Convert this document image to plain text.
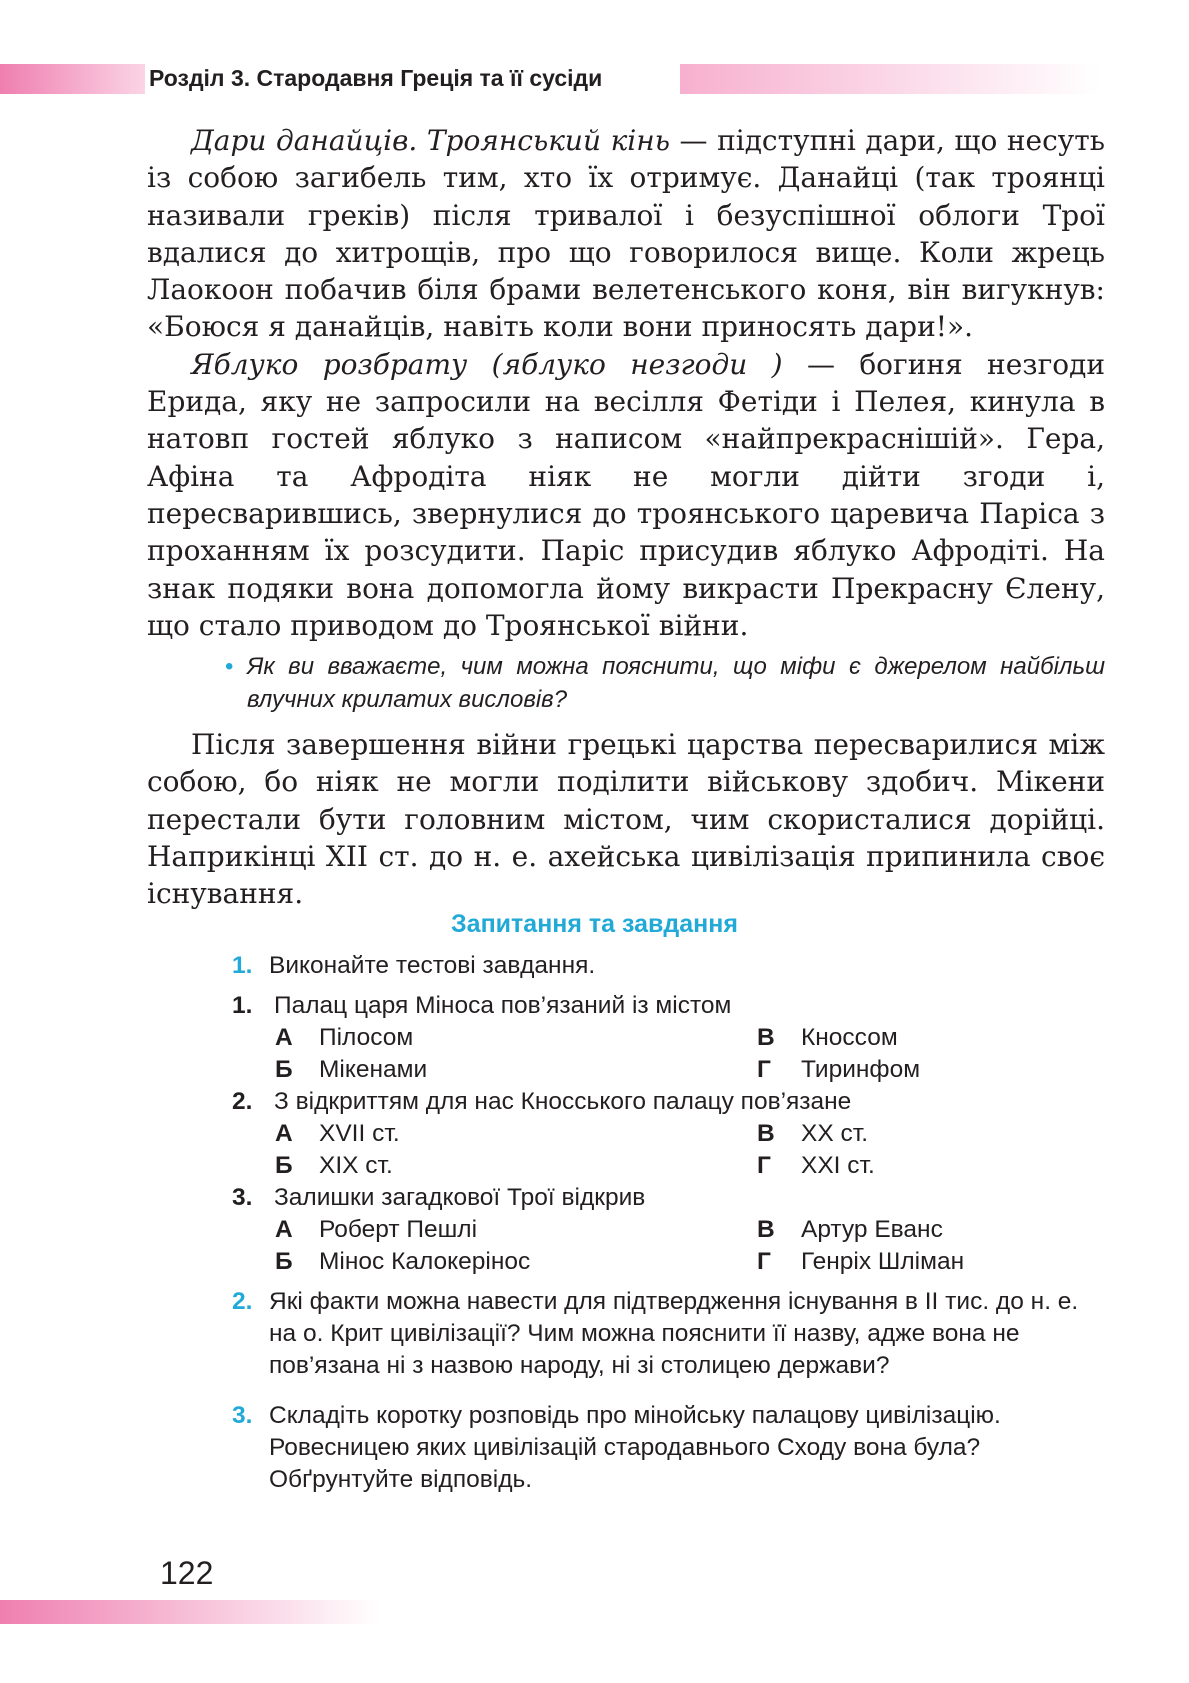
Розділ 3. Стародавня Греція та її сусіди

Дари данайців. Троянський кінь — підступні дари, що несуть із собою загибель тим, хто їх отримує. Данайці (так троянці називали греків) після тривалої і безуспішної облоги Трої вдалися до хитрощів, про що говорилося вище. Коли жрець Лаокоон побачив біля брами велетенського коня, він вигукнув: «Боюся я данайців, навіть коли вони приносять дари!».

Яблуко розбрату (яблуко незгоди ) — богиня незгоди Ерида, яку не запросили на весілля Фетіди і Пелея, кинула в натовп гостей яблуко з написом «найпрекраснішій». Гера, Афіна та Афродіта ніяк не могли дійти згоди і, пересварившись, звернулися до троянського царевича Паріса з проханням їх розсудити. Паріс присудив яблуко Афродіті. На знак подяки вона допомогла йому викрасти Прекрасну Єлену, що стало приводом до Троянської війни.

• Як ви вважаєте, чим можна пояснити, що міфи є джерелом найбільш влучних крилатих висловів?

Після завершення війни грецькі царства пересварилися між собою, бо ніяк не могли поділити військову здобич. Мікени перестали бути головним містом, чим скористалися дорійці. Наприкінці XII ст. до н. е. ахейська цивілізація припинила своє існування.

Запитання та завдання
1. Виконайте тестові завдання.
1. Палац царя Міноса пов’язаний із містом
А Пілосом	В Кноссом
Б Мікенами	Г Тиринфом
2. З відкриттям для нас Кносського палацу пов’язане
А XVII ст.	В XX ст.
Б XIX ст.	Г XXI ст.
3. Залишки загадкової Трої відкрив
А Роберт Пешлі	В Артур Еванс
Б Мінос Калокерінос	Г Генріх Шліман
2. Які факти можна навести для підтвердження існування в ІІ тис. до н. е. на о. Крит цивілізації? Чим можна пояснити її назву, адже вона не пов’язана ні з назвою народу, ні зі столицею держави?
3. Складіть коротку розповідь про мінойську палацову цивілізацію. Ровесницею яких цивілізацій стародавнього Сходу вона була? Обґрунтуйте відповідь.
122
